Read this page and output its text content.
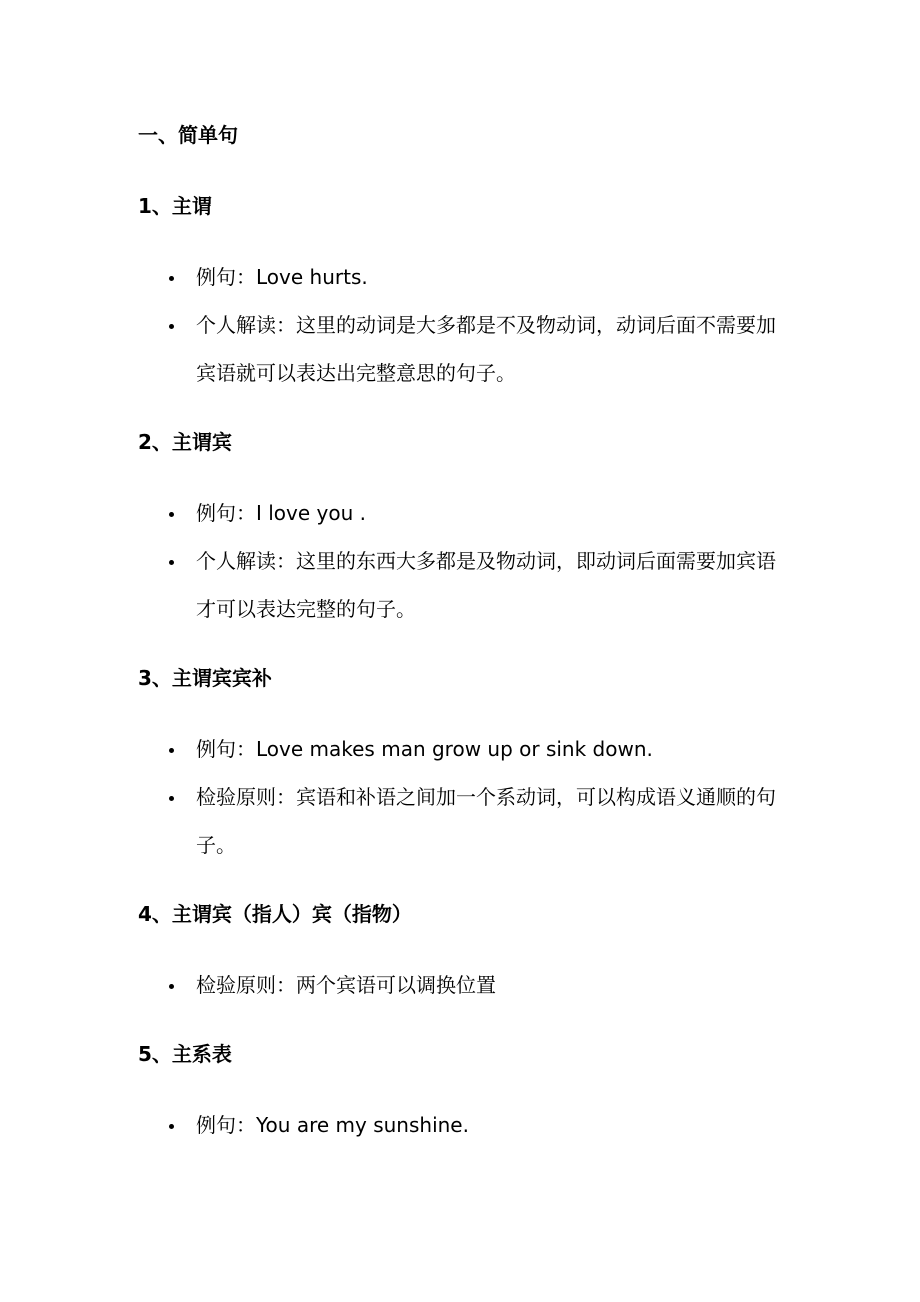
一、简单句
1、主谓
例句：Love hurts.
个人解读：这里的动词是大多都是不及物动词，动词后面不需要加宾语就可以表达出完整意思的句子。
2、主谓宾
例句：I love you .
个人解读：这里的东西大多都是及物动词，即动词后面需要加宾语才可以表达完整的句子。
3、主谓宾宾补
例句：Love makes man grow up or sink down.
检验原则：宾语和补语之间加一个系动词，可以构成语义通顺的句子。
4、主谓宾（指人）宾（指物）
检验原则：两个宾语可以调换位置
5、主系表
例句：You are my sunshine.
